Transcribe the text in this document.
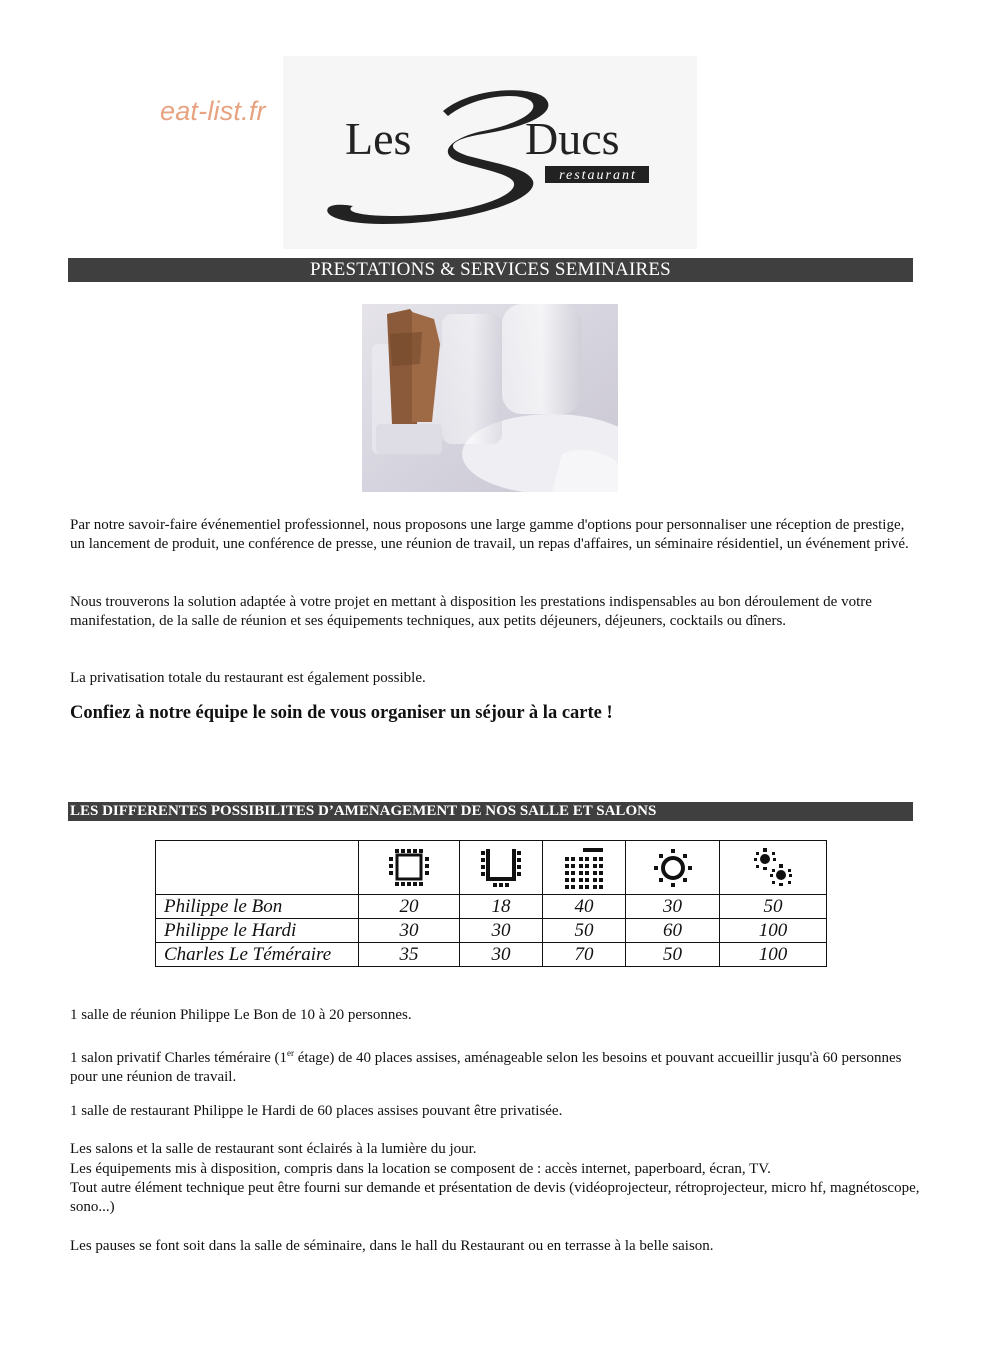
eat-list.fr
Les Ducs
restaurant
PRESTATIONS & SERVICES SEMINAIRES

Par notre savoir-faire événementiel professionnel, nous proposons une large gamme d'options pour personnaliser une réception de prestige, un lancement de produit, une conférence de presse, une réunion de travail, un repas d'affaires, un séminaire résidentiel, un événement privé.

Nous trouverons la solution adaptée à votre projet en mettant à disposition les prestations indispensables au bon déroulement de votre manifestation, de la salle de réunion et ses équipements techniques, aux petits déjeuners, déjeuners, cocktails ou dîners.

La privatisation totale du restaurant est également possible.

Confiez à notre équipe le soin de vous organiser un séjour à la carte !

LES DIFFERENTES POSSIBILITES D’AMENAGEMENT DE NOS SALLE ET SALONS

Philippe le Bon	20	18	40	30	50
Philippe le Hardi	30	30	50	60	100
Charles Le Téméraire	35	30	70	50	100

1 salle de réunion Philippe Le Bon de 10 à 20 personnes.

1 salon privatif Charles téméraire (1er étage) de 40 places assises, aménageable selon les besoins et pouvant accueillir jusqu'à 60 personnes pour une réunion de travail.

1 salle de restaurant Philippe le Hardi de 60 places assises pouvant être privatisée.

Les salons et la salle de restaurant sont éclairés à la lumière du jour.

Les équipements mis à disposition, compris dans la location se composent de : accès internet, paperboard, écran, TV.

Tout autre élément technique peut être fourni sur demande et présentation de devis (vidéoprojecteur, rétroprojecteur, micro hf, magnétoscope, sono...)

Les pauses se font soit dans la salle de séminaire, dans le hall du Restaurant ou en terrasse à la belle saison.
